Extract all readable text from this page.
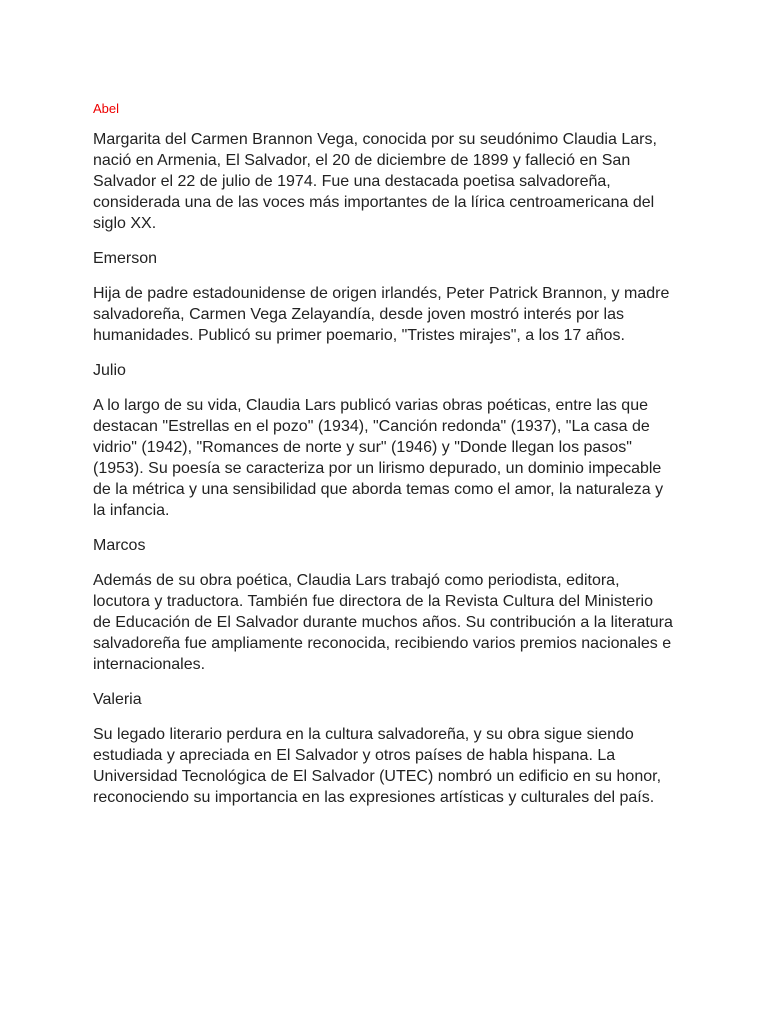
Abel

Margarita del Carmen Brannon Vega, conocida por su seudónimo Claudia Lars, nació en Armenia, El Salvador, el 20 de diciembre de 1899 y falleció en San Salvador el 22 de julio de 1974. Fue una destacada poetisa salvadoreña, considerada una de las voces más importantes de la lírica centroamericana del siglo XX.

Emerson

Hija de padre estadounidense de origen irlandés, Peter Patrick Brannon, y madre salvadoreña, Carmen Vega Zelayandía, desde joven mostró interés por las humanidades. Publicó su primer poemario, "Tristes mirajes", a los 17 años.

Julio

A lo largo de su vida, Claudia Lars publicó varias obras poéticas, entre las que destacan "Estrellas en el pozo" (1934), "Canción redonda" (1937), "La casa de vidrio" (1942), "Romances de norte y sur" (1946) y "Donde llegan los pasos" (1953). Su poesía se caracteriza por un lirismo depurado, un dominio impecable de la métrica y una sensibilidad que aborda temas como el amor, la naturaleza y la infancia.

Marcos

Además de su obra poética, Claudia Lars trabajó como periodista, editora, locutora y traductora. También fue directora de la Revista Cultura del Ministerio de Educación de El Salvador durante muchos años. Su contribución a la literatura salvadoreña fue ampliamente reconocida, recibiendo varios premios nacionales e internacionales.

Valeria

Su legado literario perdura en la cultura salvadoreña, y su obra sigue siendo estudiada y apreciada en El Salvador y otros países de habla hispana. La Universidad Tecnológica de El Salvador (UTEC) nombró un edificio en su honor, reconociendo su importancia en las expresiones artísticas y culturales del país.
